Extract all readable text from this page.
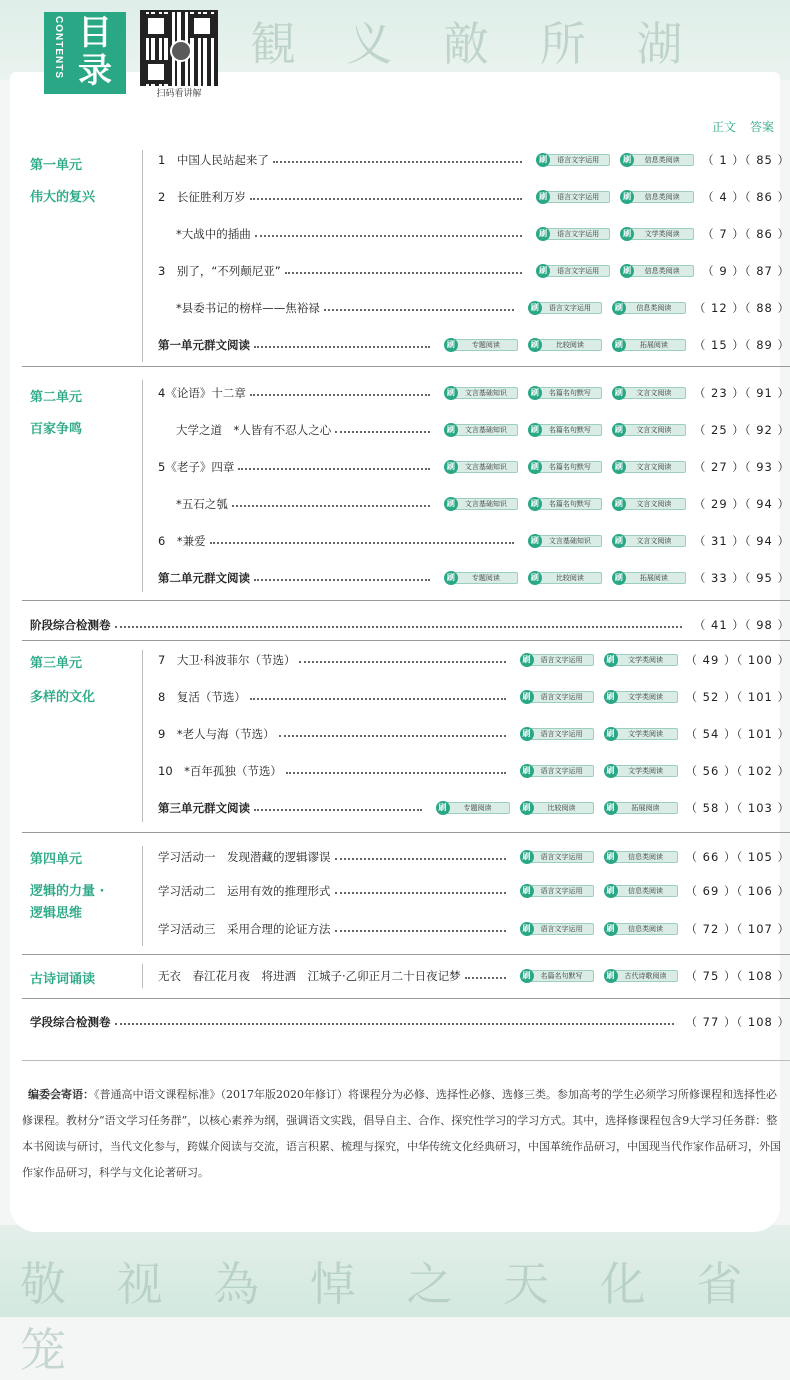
観 义 敵 所 湖
敬 视 為 悼 之 天 化 省 笼
CONTENTS 目录
扫码看讲解
正文 答案
第一单元
伟大的复兴
第二单元
百家争鸣
第三单元
多样的文化
第四单元
逻辑的力量 ·
逻辑思维
古诗词诵读
1　中国人民站起来了	刷	语言文字运用	刷	信息类阅读	（ 1 ）（ 85 ）
2　长征胜利万岁	刷	语言文字运用	刷	信息类阅读	（ 4 ）（ 86 ）
*大战中的插曲	刷	语言文字运用	刷	文学类阅读	（ 7 ）（ 86 ）
3　别了，“不列颠尼亚”	刷	语言文字运用	刷	信息类阅读	（ 9 ）（ 87 ）
*县委书记的榜样——焦裕禄	刷	语言文字运用	刷	信息类阅读	（ 12 ）（ 88 ）
第一单元群文阅读	刷	专题阅读	刷	比较阅读	刷	拓展阅读	（ 15 ）（ 89 ）
4《论语》十二章	刷	文言基础知识	刷	名篇名句默写	刷	文言文阅读	（ 23 ）（ 91 ）
大学之道　*人皆有不忍人之心	刷	文言基础知识	刷	名篇名句默写	刷	文言文阅读	（ 25 ）（ 92 ）
5《老子》四章	刷	文言基础知识	刷	名篇名句默写	刷	文言文阅读	（ 27 ）（ 93 ）
*五石之瓠	刷	文言基础知识	刷	名篇名句默写	刷	文言文阅读	（ 29 ）（ 94 ）
6　*兼爱	刷	文言基础知识	刷	文言文阅读	（ 31 ）（ 94 ）
第二单元群文阅读	刷	专题阅读	刷	比较阅读	刷	拓展阅读	（ 33 ）（ 95 ）
阶段综合检测卷	（ 41 ）（ 98 ）
7　大卫·科波菲尔（节选）	刷	语言文字运用	刷	文学类阅读	（ 49 ）（ 100 ）
8　复活（节选）	刷	语言文字运用	刷	文学类阅读	（ 52 ）（ 101 ）
9　*老人与海（节选）	刷	语言文字运用	刷	文学类阅读	（ 54 ）（ 101 ）
10　*百年孤独（节选）	刷	语言文字运用	刷	文学类阅读	（ 56 ）（ 102 ）
第三单元群文阅读	刷	专题阅读	刷	比较阅读	刷	拓展阅读	（ 58 ）（ 103 ）
学习活动一　发现潜藏的逻辑谬误	刷	语言文字运用	刷	信息类阅读	（ 66 ）（ 105 ）
学习活动二　运用有效的推理形式	刷	语言文字运用	刷	信息类阅读	（ 69 ）（ 106 ）
学习活动三　采用合理的论证方法	刷	语言文字运用	刷	信息类阅读	（ 72 ）（ 107 ）
无衣　春江花月夜　将进酒　江城子·乙卯正月二十日夜记梦	刷	名篇名句默写	刷	古代诗歌阅读	（ 75 ）（ 108 ）
学段综合检测卷	（ 77 ）（ 108 ）
编委会寄语：《普通高中语文课程标准》（2017年版2020年修订）将课程分为必修、选择性必修、选修三类。参加高考的学生必须学习所修课程和选择性必修课程。教材分“语文学习任务群”，以核心素养为纲，强调语文实践，倡导自主、合作、探究性学习的学习方式。其中，选择修课程包含9大学习任务群：整本书阅读与研讨，当代文化参与，跨媒介阅读与交流，语言积累、梳理与探究，中华传统文化经典研习，中国革统作品研习，中国现当代作家作品研习，外国作家作品研习，科学与文化论著研习。
